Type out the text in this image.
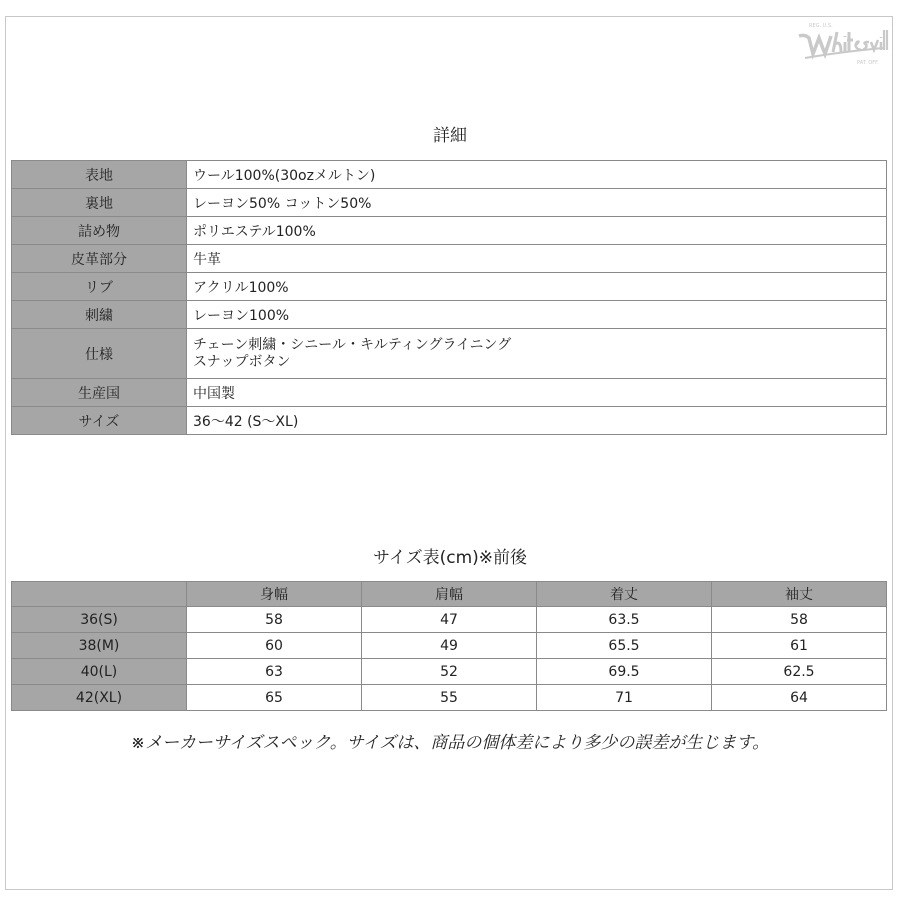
REG. U.S.
PAT. OFF.
詳細
表地	ウール100%(30ozメルトン)
裏地	レーヨン50% コットン50%
詰め物	ポリエステル100%
皮革部分	牛革
リブ	アクリル100%
刺繍	レーヨン100%
仕様	チェーン刺繍・シニール・キルティングライニング
スナップボタン

生産国	中国製
サイズ	36〜42 (S〜XL)
サイズ表(cm)※前後
	身幅	肩幅	着丈	袖丈
36(S)	58	47	63.5	58
38(M)	60	49	65.5	61
40(L)	63	52	69.5	62.5
42(XL)	65	55	71	64
※メーカーサイズスペック。サイズは、商品の個体差により多少の誤差が生じます。
